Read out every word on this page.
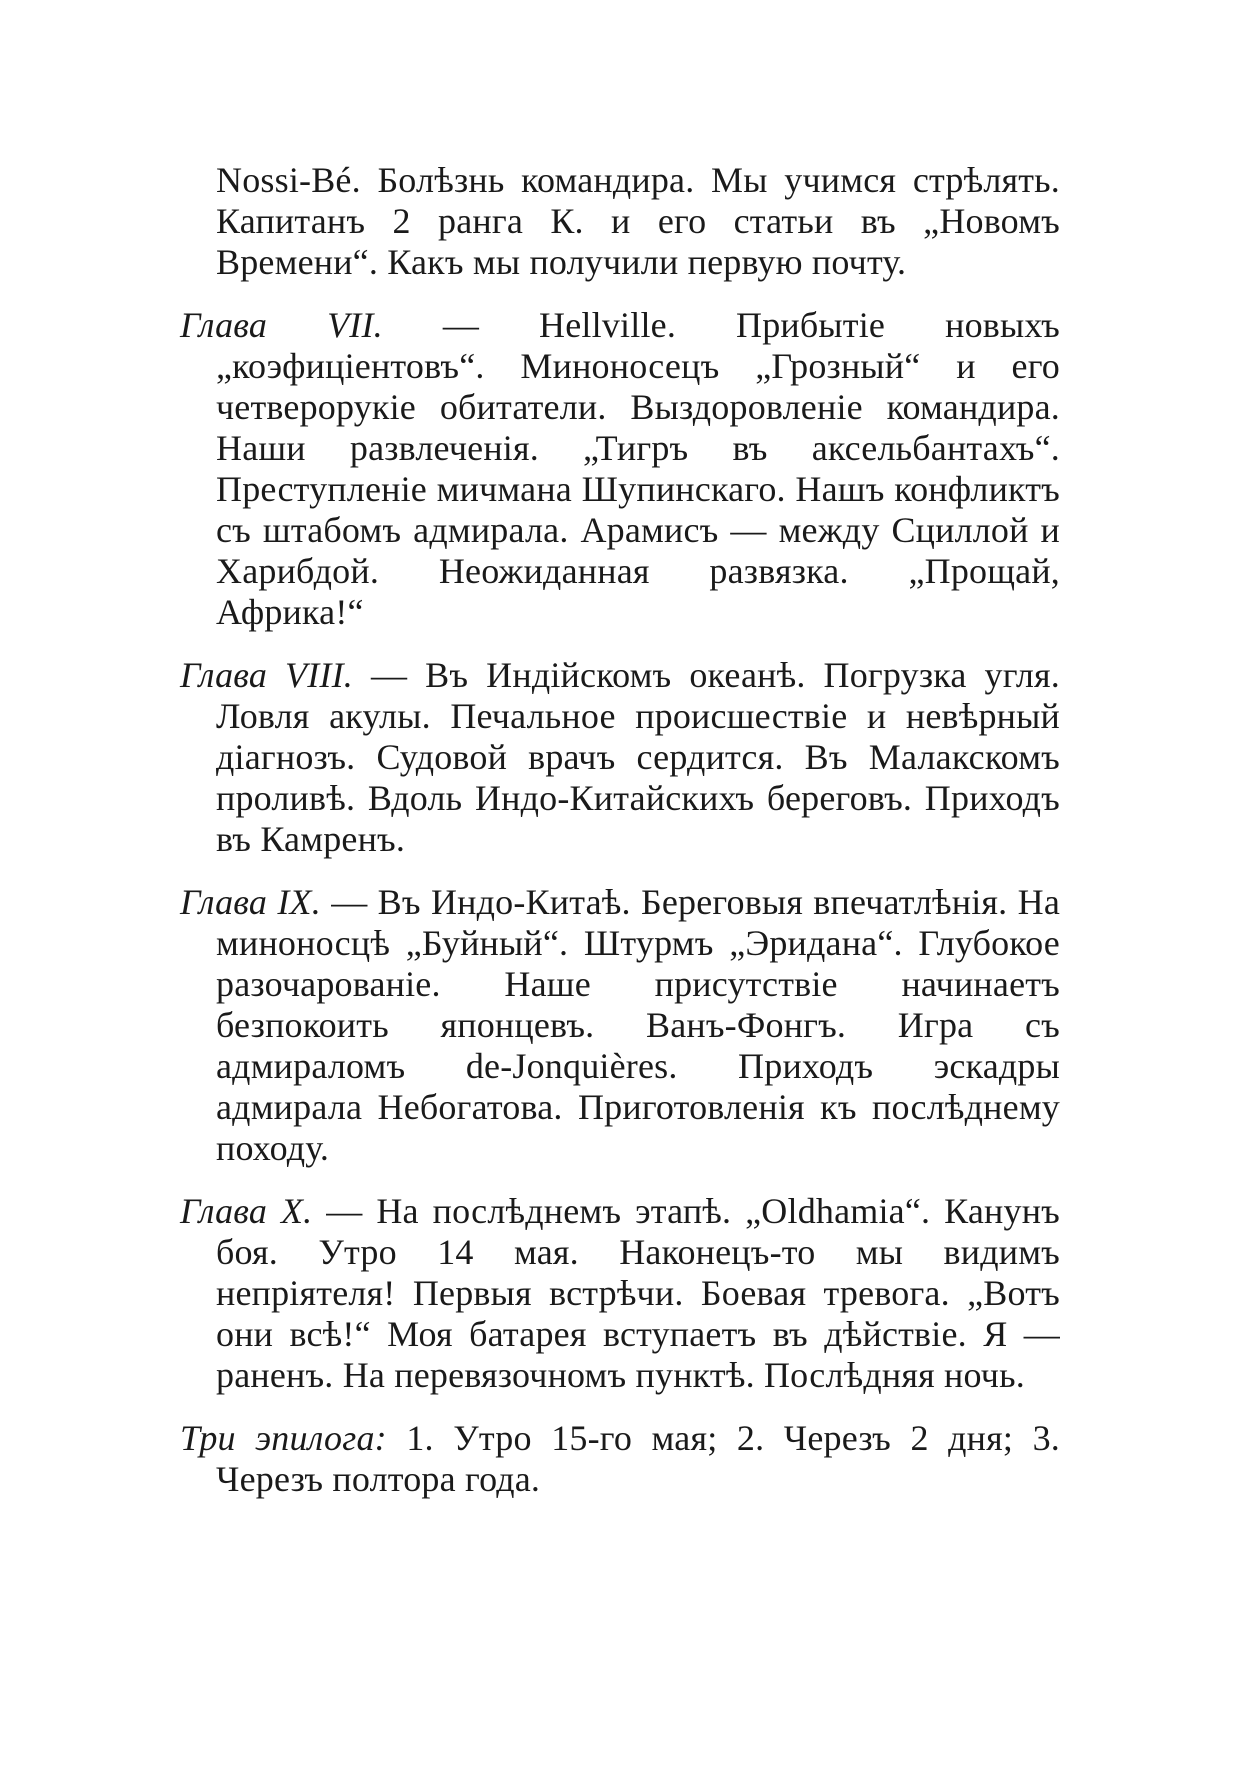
Nossi-Bé. Болѣзнь командира. Мы учимся стрѣлять. Капитанъ 2 ранга К. и его статьи въ „Новомъ Времени“. Какъ мы получили первую почту.

Глава VII. — Hellville. Прибытіе новыхъ „коэфиціентовъ“. Миноносецъ „Грозный“ и его четверорукіе обитатели. Выздоровленіе командира. Наши развлеченія. „Тигръ въ аксельбантахъ“. Преступленіе мичмана Шупинскаго. Нашъ конфликтъ съ штабомъ адмирала. Арамисъ — между Сциллой и Харибдой. Неожиданная развязка. „Прощай, Африка!“

Глава VIII. — Въ Индійскомъ океанѣ. Погрузка угля. Ловля акулы. Печальное происшествіе и невѣрный діагнозъ. Судовой врачъ сердится. Въ Малакскомъ проливѣ. Вдоль Индо-Китайскихъ береговъ. Приходъ въ Камренъ.

Глава IX. — Въ Индо-Китаѣ. Береговыя впечатлѣнія. На миноносцѣ „Буйный“. Штурмъ „Эридана“. Глубокое разочарованіе. Наше присутствіе начинаетъ безпокоить японцевъ. Ванъ-Фонгъ. Игра съ адмираломъ de-Jonquières. Приходъ эскадры адмирала Небогатова. Приготовленія къ послѣднему походу.

Глава X. — На послѣднемъ этапѣ. „Oldhamia“. Канунъ боя. Утро 14 мая. Наконецъ-то мы видимъ непріятеля! Первыя встрѣчи. Боевая тревога. „Вотъ они всѣ!“ Моя батарея вступаетъ въ дѣйствіе. Я — раненъ. На перевязочномъ пунктѣ. Послѣдняя ночь.

Три эпилога: 1. Утро 15-го мая; 2. Черезъ 2 дня; 3. Черезъ полтора года.
